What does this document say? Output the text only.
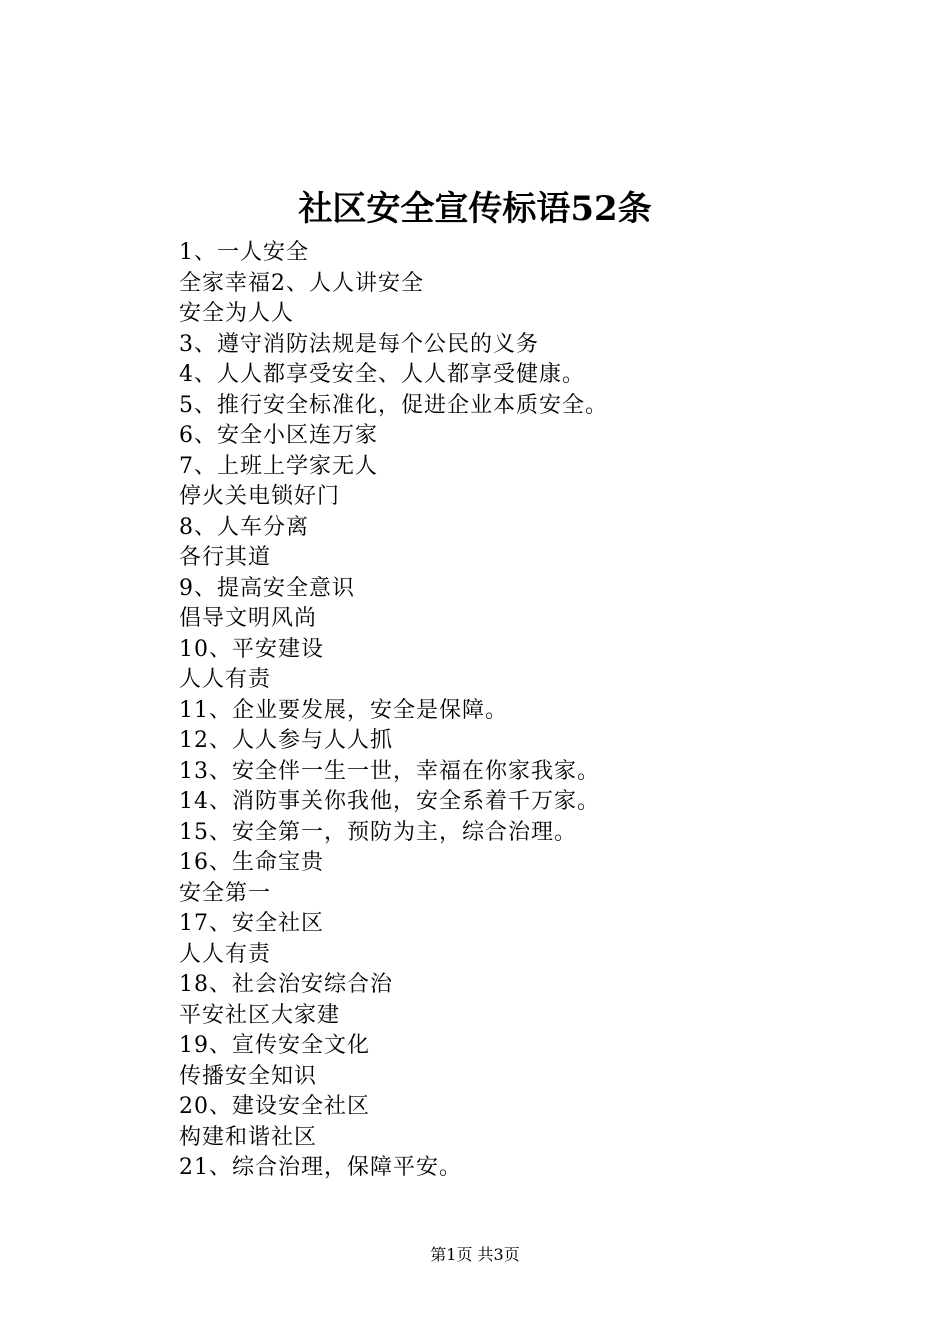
社区安全宣传标语52条
1、一人安全
全家幸福2、人人讲安全
安全为人人
3、遵守消防法规是每个公民的义务
4、人人都享受安全、人人都享受健康。
5、推行安全标准化，促进企业本质安全。
6、安全小区连万家
7、上班上学家无人
停火关电锁好门
8、人车分离
各行其道
9、提高安全意识
倡导文明风尚
10、平安建设
人人有责
11、企业要发展，安全是保障。
12、人人参与人人抓
13、安全伴一生一世，幸福在你家我家。
14、消防事关你我他，安全系着千万家。
15、安全第一，预防为主，综合治理。
16、生命宝贵
安全第一
17、安全社区
人人有责
18、社会治安综合治
平安社区大家建
19、宣传安全文化
传播安全知识
20、建设安全社区
构建和谐社区
21、综合治理，保障平安。
第1页 共3页
